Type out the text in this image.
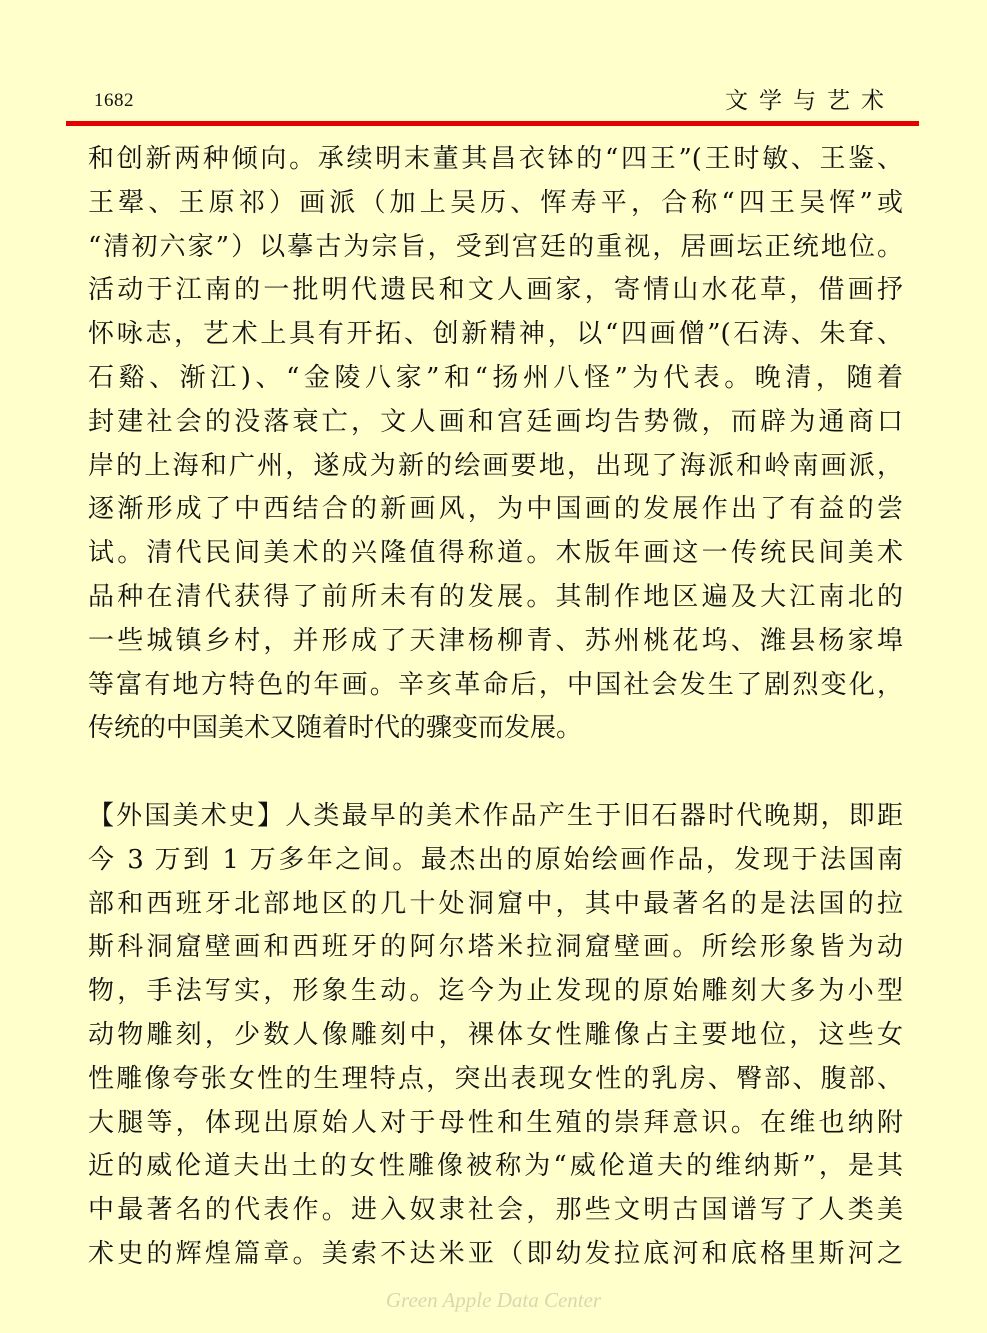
1682	文学与艺术
和创新两种倾向。承续明末董其昌衣钵的“四王”(王时敏、王鉴、
王翚、王原祁）画派（加上吴历、恽寿平，合称“四王吴恽”或
“清初六家”）以摹古为宗旨，受到宫廷的重视，居画坛正统地位。
活动于江南的一批明代遗民和文人画家，寄情山水花草，借画抒
怀咏志，艺术上具有开拓、创新精神，以“四画僧”(石涛、朱耷、
石谿、渐江)、“金陵八家”和“扬州八怪”为代表。晚清，随着
封建社会的没落衰亡，文人画和宫廷画均告势微，而辟为通商口
岸的上海和广州，遂成为新的绘画要地，出现了海派和岭南画派，
逐渐形成了中西结合的新画风，为中国画的发展作出了有益的尝
试。清代民间美术的兴隆值得称道。木版年画这一传统民间美术
品种在清代获得了前所未有的发展。其制作地区遍及大江南北的
一些城镇乡村，并形成了天津杨柳青、苏州桃花坞、潍县杨家埠
等富有地方特色的年画。辛亥革命后，中国社会发生了剧烈变化，
传统的中国美术又随着时代的骤变而发展。
【外国美术史】人类最早的美术作品产生于旧石器时代晚期，即距
今 3 万到 1 万多年之间。最杰出的原始绘画作品，发现于法国南
部和西班牙北部地区的几十处洞窟中，其中最著名的是法国的拉
斯科洞窟壁画和西班牙的阿尔塔米拉洞窟壁画。所绘形象皆为动
物，手法写实，形象生动。迄今为止发现的原始雕刻大多为小型
动物雕刻，少数人像雕刻中，裸体女性雕像占主要地位，这些女
性雕像夸张女性的生理特点，突出表现女性的乳房、臀部、腹部、
大腿等，体现出原始人对于母性和生殖的崇拜意识。在维也纳附
近的威伦道夫出土的女性雕像被称为“威伦道夫的维纳斯”，是其
中最著名的代表作。进入奴隶社会，那些文明古国谱写了人类美
术史的辉煌篇章。美索不达米亚（即幼发拉底河和底格里斯河之
Green Apple Data Center
